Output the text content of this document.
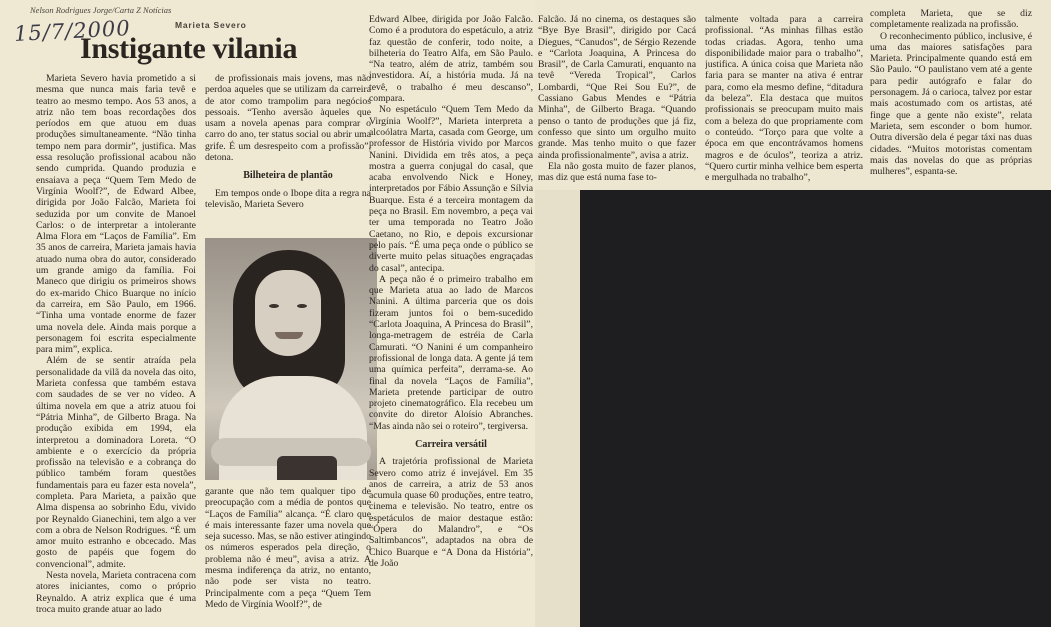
Nelson Rodrigues Jorge/Carta Z Notícias
15/7/2000	Marieta Severo
Instigante vilania

Marieta Severo havia prometido a si mesma que nunca mais faria tevê e teatro ao mesmo tempo. Aos 53 anos, a atriz não tem boas recordações dos períodos em que atuou em duas produções simultaneamente. “Não tinha tempo nem para dormir”, justifica. Mas essa resolução profissional acabou não sendo cumprida. Quando produzia e ensaiava a peça “Quem Tem Medo de Virgínia Woolf?”, de Edward Albee, dirigida por João Falcão, Marieta foi seduzida por um convite de Manoel Carlos: o de interpretar a intolerante Alma Flora em “Laços de Família”. Em 35 anos de carreira, Marieta jamais havia atuado numa obra do autor, considerado um grande amigo da família. Foi Maneco que dirigiu os primeiros shows do ex-marido Chico Buarque no início da carreira, em São Paulo, em 1966. “Tinha uma vontade enorme de fazer uma novela dele. Ainda mais porque a personagem foi escrita especialmente para mim”, explica.

Além de se sentir atraída pela personalidade da vilã da novela das oito, Marieta confessa que também estava com saudades de se ver no vídeo. A última novela em que a atriz atuou foi “Pátria Minha”, de Gilberto Braga. Na produção exibida em 1994, ela interpretou a dominadora Loreta. “O ambiente e o exercício da própria profissão na televisão e a cobrança do público também foram questões fundamentais para eu fazer esta novela”, completa. Para Marieta, a paixão que Alma dispensa ao sobrinho Edu, vivido por Reynaldo Gianechini, tem algo a ver com a obra de Nelson Rodrigues. “É um amor muito estranho e obcecado. Mas gosto de papéis que fogem do convencional”, admite.

Nesta novela, Marieta contracena com atores iniciantes, como o próprio Reynaldo. A atriz explica que é uma troca muito grande atuar ao lado

de profissionais mais jovens, mas não perdoa aqueles que se utilizam da carreira de ator como trampolim para negócios pessoais. “Tenho aversão àqueles que usam a novela apenas para comprar o carro do ano, ter status social ou abrir uma grife. É um desrespeito com a profissão”, detona.

Bilheteira de plantão

Em tempos onde o Ibope dita a regra na televisão, Marieta Severo

garante que não tem qualquer tipo de preocupação com a média de pontos que “Laços de Família” alcança. “É claro que é mais interessante fazer uma novela que seja sucesso. Mas, se não estiver atingindo os números esperados pela direção, o problema não é meu”, avisa a atriz. A mesma indiferença da atriz, no entanto, não pode ser vista no teatro. Principalmente com a peça “Quem Tem Medo de Virgínia Woolf?”, de

Edward Albee, dirigida por João Falcão. Como é a produtora do espetáculo, a atriz faz questão de conferir, todo noite, a bilheteria do Teatro Alfa, em São Paulo. “Na teatro, além de atriz, também sou investidora. Aí, a história muda. Já na tevê, o trabalho é meu descanso”, compara.

No espetáculo “Quem Tem Medo da Virgínia Woolf?”, Marieta interpreta a alcoólatra Marta, casada com George, um professor de História vivido por Marcos Nanini. Dividida em três atos, a peça mostra a guerra conjugal do casal, que acaba envolvendo Nick e Honey, interpretados por Fábio Assunção e Sílvia Buarque. Esta é a terceira montagem da peça no Brasil. Em novembro, a peça vai ter uma temporada no Teatro João Caetano, no Rio, e depois excursionar pelo país. “É uma peça onde o público se diverte muito pelas situações engraçadas do casal”, antecipa.

A peça não é o primeiro trabalho em que Marieta atua ao lado de Marcos Nanini. A última parceria que os dois fizeram juntos foi o bem-sucedido “Carlota Joaquina, A Princesa do Brasil”, longa-metragem de estréia de Carla Camurati. “O Nanini é um companheiro profissional de longa data. A gente já tem uma química perfeita”, derrama-se. Ao final da novela “Laços de Família”, Marieta pretende participar de outro projeto cinematográfico. Ela recebeu um convite do diretor Aloísio Abranches. “Mas ainda não sei o roteiro”, tergiversa.

Carreira versátil

A trajetória profissional de Marieta Severo como atriz é invejável. Em 35 anos de carreira, a atriz de 53 anos acumula quase 60 produções, entre teatro, cinema e televisão. No teatro, entre os espetáculos de maior destaque estão: “Ópera do Malandro”, e “Os Saltimbancos”, adaptados na obra de Chico Buarque e “A Dona da História”, de João

Falcão. Já no cinema, os destaques são “Bye Bye Brasil”, dirigido por Cacá Diegues, “Canudos”, de Sérgio Rezende e “Carlota Joaquina, A Princesa do Brasil”, de Carla Camurati, enquanto na tevê “Vereda Tropical”, Carlos Lombardi, “Que Rei Sou Eu?”, de Cassiano Gabus Mendes e “Pátria Minha”, de Gilberto Braga. “Quando penso o tanto de produções que já fiz, confesso que sinto um orgulho muito grande. Mas tenho muito o que fazer ainda profissionalmente”, avisa a atriz.

Ela não gosta muito de fazer planos, mas diz que está numa fase to-

talmente voltada para a carreira profissional. “As minhas filhas estão todas criadas. Agora, tenho uma disponibilidade maior para o trabalho”, justifica. A única coisa que Marieta não faria para se manter na ativa é entrar para, como ela mesmo define, “ditadura da beleza”. Ela destaca que muitos profissionais se preocupam muito mais com a beleza do que propriamente com o conteúdo. “Torço para que volte a época em que encontrávamos homens magros e de óculos”, teoriza a atriz. “Quero curtir minha velhice bem esperta e mergulhada no trabalho”,

completa Marieta, que se diz completamente realizada na profissão.

O reconhecimento público, inclusive, é uma das maiores satisfações para Marieta. Principalmente quando está em São Paulo. “O paulistano vem até a gente para pedir autógrafo e falar do personagem. Já o carioca, talvez por estar mais acostumado com os artistas, até finge que a gente não existe”, relata Marieta, sem esconder o bom humor. Outra diversão dela é pegar táxi nas duas cidades. “Muitos motoristas comentam mais das novelas do que as próprias mulheres”, espanta-se.
